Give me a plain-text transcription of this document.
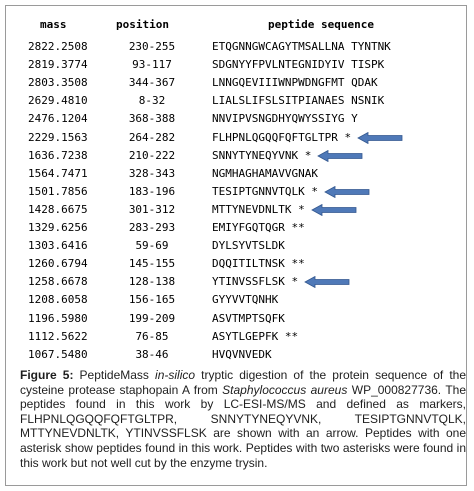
mass	position	peptide sequence
2822.2508	230-255	ETQGNNGWCAGYTMSALLNA TYNTNK
2819.3774	93-117	SDGNYYFPVLNTEGNIDYIV TISPK
2803.3508	344-367	LNNGQEVIIIWNPWDNGFMT QDAK
2629.4810	8-32	LIALSLIFSLSITPIANAES NSNIK
2476.1204	368-388	NNVIPVSNGDHYQWYSSIYG Y
2229.1563	264-282	FLHPNLQGQQFQFTGLTPR *
1636.7238	210-222	SNNYTYNEQYVNK *
1564.7471	328-343	NGMHAGHAMAVVGNAK
1501.7856	183-196	TESIPTGNNVTQLK *
1428.6675	301-312	MTTYNEVDNLTK *
1329.6256	283-293	EMIYFGQTQGR **
1303.6416	59-69	DYLSYVTSLDK
1260.6794	145-155	DQQITILTNSK **
1258.6678	128-138	YTINVSSFLSK *
1208.6058	156-165	GYYVVTQNHK
1196.5980	199-209	ASVTMPTSQFK
1112.5622	76-85	ASYTLGEPFK **
1067.5480	38-46	HVQVNVEDK
Figure 5: PeptideMass in-silico tryptic digestion of the protein sequence of the cysteine protease staphopain A from Staphylococcus aureus WP_000827736. The peptides found in this work by LC-ESI-MS/MS and defined as markers, FLHPNLQGQQFQFTGLTPR, SNNYTYNEQYVNK, TESIPTGNNVTQLK, MTTYNEVDNLTK, YTINVSSFLSK are shown with an arrow. Peptides with one asterisk show peptides found in this work. Peptides with two asterisks were found in this work but not well cut by the enzyme trysin.
